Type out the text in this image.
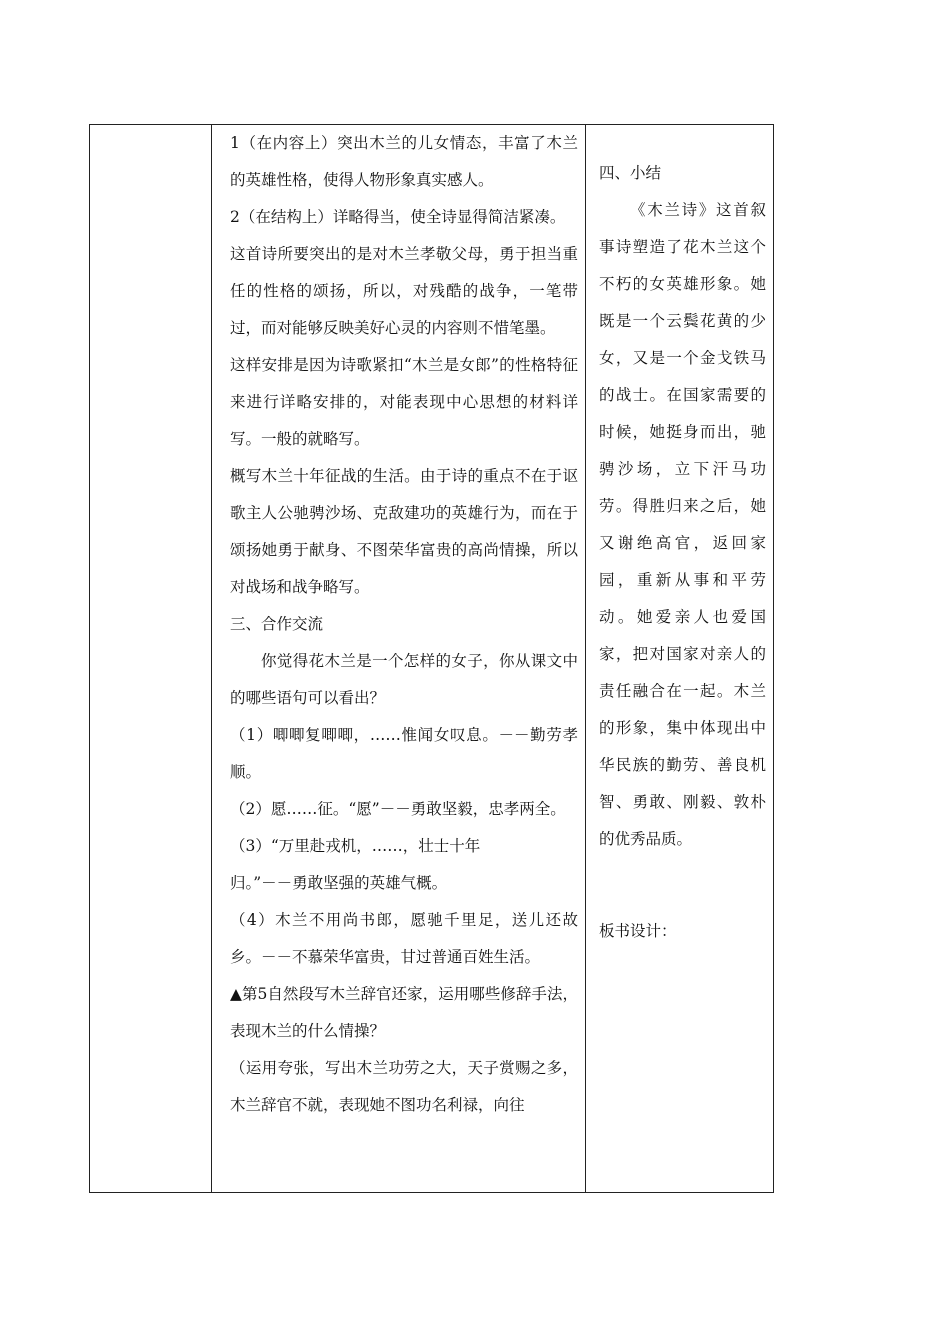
1（在内容上）突出木兰的儿女情态，丰富了木兰的英雄性格，使得人物形象真实感人。

2（在结构上）详略得当，使全诗显得简洁紧凑。

这首诗所要突出的是对木兰孝敬父母，勇于担当重任的性格的颂扬，所以，对残酷的战争，一笔带过，而对能够反映美好心灵的内容则不惜笔墨。

这样安排是因为诗歌紧扣“木兰是女郎”的性格特征来进行详略安排的，对能表现中心思想的材料详写。一般的就略写。

概写木兰十年征战的生活。由于诗的重点不在于讴歌主人公驰骋沙场、克敌建功的英雄行为，而在于颂扬她勇于献身、不图荣华富贵的高尚情操，所以对战场和战争略写。

三、合作交流

你觉得花木兰是一个怎样的女子，你从课文中的哪些语句可以看出？

（1）唧唧复唧唧，……惟闻女叹息。－－勤劳孝顺。

（2）愿……征。“愿”－－勇敢坚毅，忠孝两全。

（3）“万里赴戎机，……，壮士十年

归。”－－勇敢坚强的英雄气概。

（4）木兰不用尚书郎，愿驰千里足，送儿还故乡。－－不慕荣华富贵，甘过普通百姓生活。

▲第5自然段写木兰辞官还家，运用哪些修辞手法，表现木兰的什么情操？

（运用夸张，写出木兰功劳之大，天子赏赐之多，木兰辞官不就，表现她不图功名利禄，向往

四、小结

《木兰诗》这首叙事诗塑造了花木兰这个不朽的女英雄形象。她既是一个云鬓花黄的少女，又是一个金戈铁马的战士。在国家需要的时候，她挺身而出，驰骋沙场，立下汗马功劳。得胜归来之后，她又谢绝高官，返回家园，重新从事和平劳动。她爱亲人也爱国家，把对国家对亲人的责任融合在一起。木兰的形象，集中体现出中华民族的勤劳、善良机智、勇敢、刚毅、敦朴的优秀品质。

板书设计：
